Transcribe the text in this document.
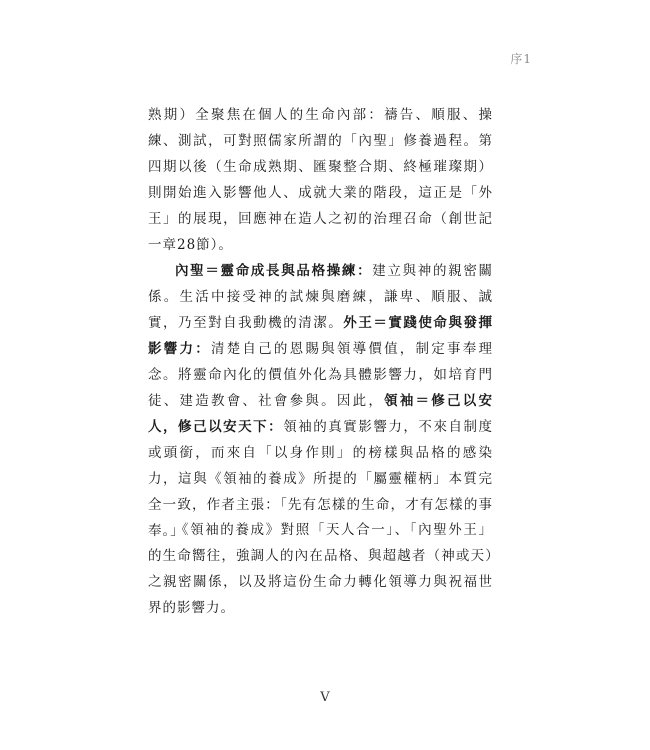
序1

熟期）全聚焦在個人的生命內部：禱告、順服、操練、測試，可對照儒家所謂的「內聖」修養過程。第四期以後（生命成熟期、匯聚整合期、終極璀璨期）則開始進入影響他人、成就大業的階段，這正是「外王」的展現，回應神在造人之初的治理召命（創世記一章28節）。

內聖＝靈命成長與品格操練：建立與神的親密關係。生活中接受神的試煉與磨練，謙卑、順服、誠實，乃至對自我動機的清潔。外王＝實踐使命與發揮影響力：清楚自己的恩賜與領導價值，制定事奉理念。將靈命內化的價值外化為具體影響力，如培育門徒、建造教會、社會參與。因此，領袖＝修己以安人，修己以安天下：領袖的真實影響力，不來自制度或頭銜，而來自「以身作則」的榜樣與品格的感染力，這與《領袖的養成》所提的「屬靈權柄」本質完全一致，作者主張：「先有怎樣的生命，才有怎樣的事奉。」

《領袖的養成》對照「天人合一」、「內聖外王」的生命嚮往，強調人的內在品格、與超越者（神或天）之親密關係，以及將這份生命力轉化領導力與祝福世界的影響力。

V
